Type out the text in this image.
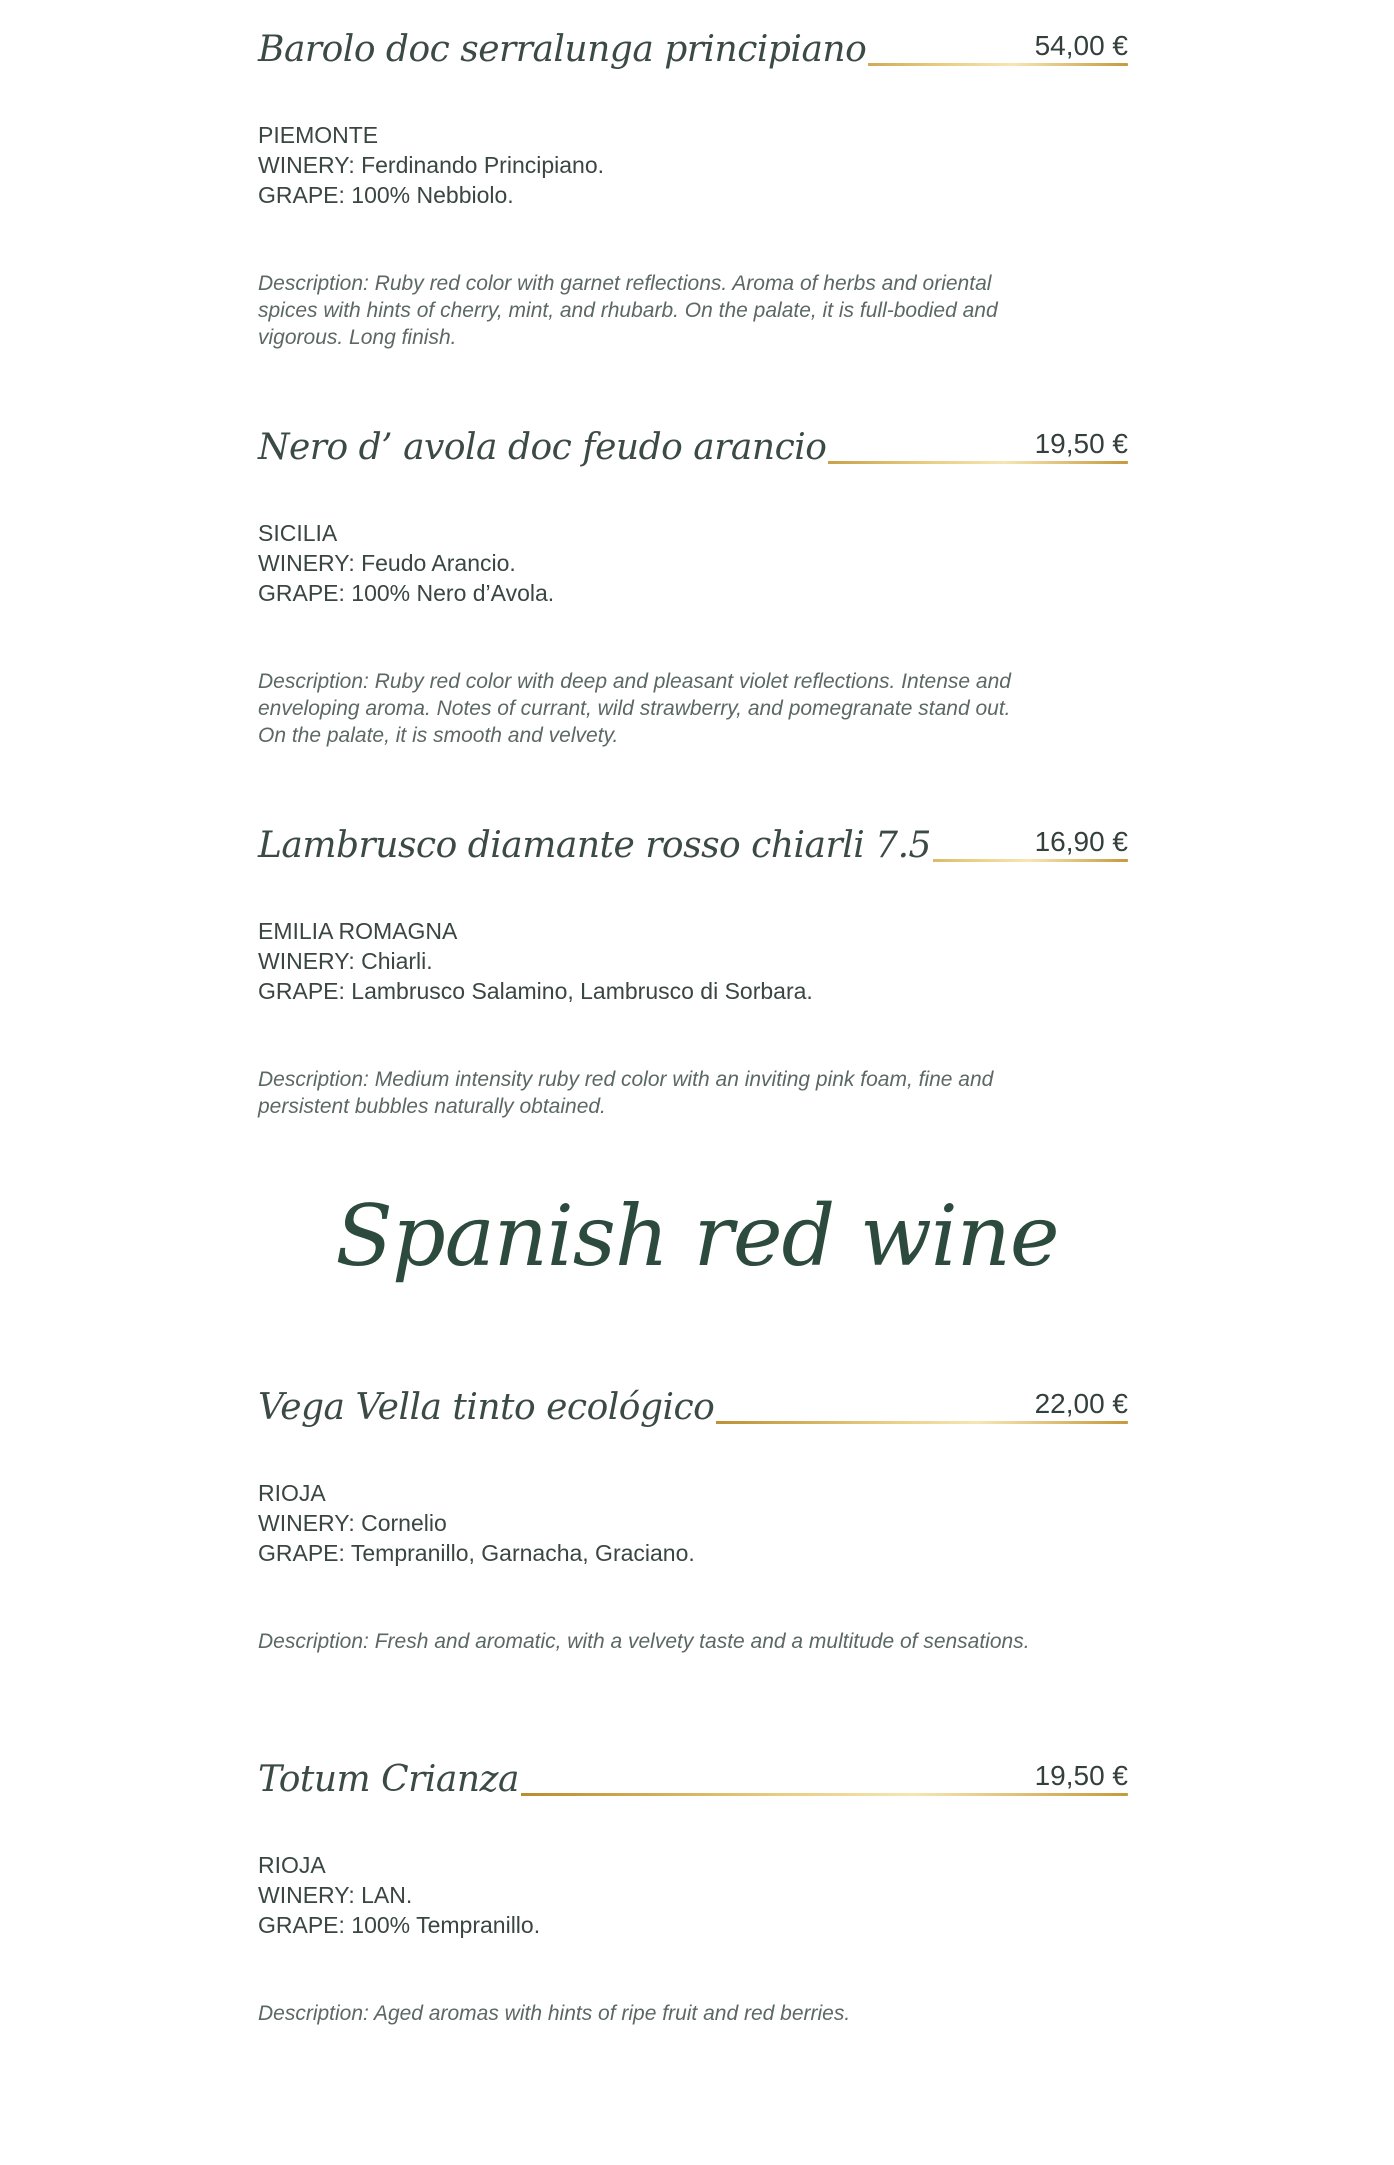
Barolo doc serralunga principiano	54,00 €
PIEMONTE
WINERY: Ferdinando Principiano.
GRAPE: 100% Nebbiolo.
Description: Ruby red color with garnet reflections. Aroma of herbs and oriental spices with hints of cherry, mint, and rhubarb. On the palate, it is full-bodied and vigorous. Long finish.
Nero d’ avola doc feudo arancio	19,50 €
SICILIA
WINERY: Feudo Arancio.
GRAPE: 100% Nero d’Avola.
Description: Ruby red color with deep and pleasant violet reflections. Intense and enveloping aroma. Notes of currant, wild strawberry, and pomegranate stand out. On the palate, it is smooth and velvety.
Lambrusco diamante rosso chiarli 7.5	16,90 €
EMILIA ROMAGNA
WINERY: Chiarli.
GRAPE: Lambrusco Salamino, Lambrusco di Sorbara.
Description: Medium intensity ruby red color with an inviting pink foam, fine and persistent bubbles naturally obtained.
Spanish red wine
Vega Vella tinto ecológico	22,00 €
RIOJA
WINERY: Cornelio
GRAPE: Tempranillo, Garnacha, Graciano.
Description: Fresh and aromatic, with a velvety taste and a multitude of sensations.
Totum Crianza	19,50 €
RIOJA
WINERY: LAN.
GRAPE: 100% Tempranillo.
Description: Aged aromas with hints of ripe fruit and red berries.
